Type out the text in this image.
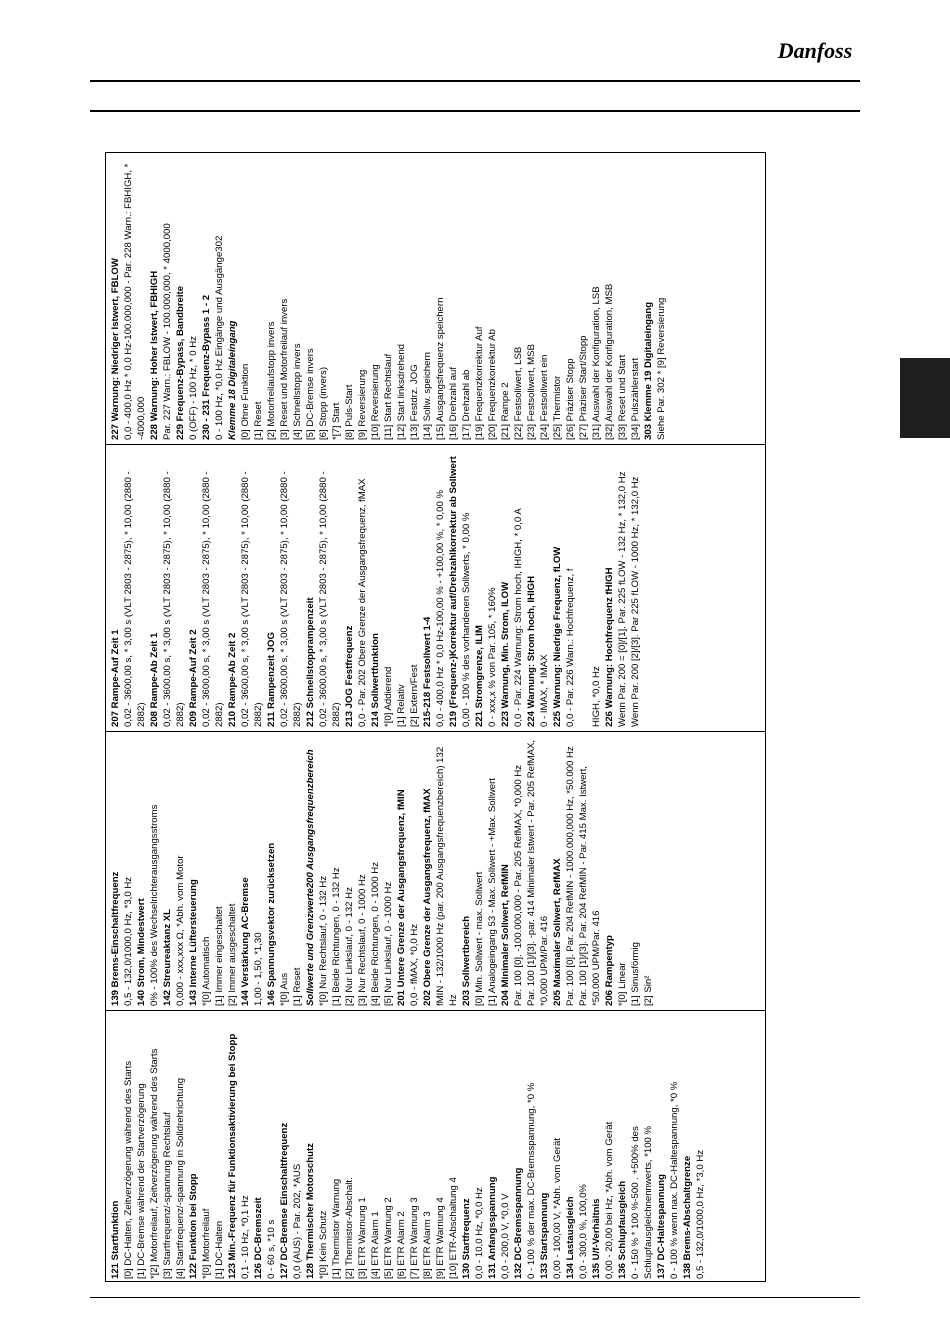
Danfoss
121 Startfunktion [0] DC-Halten, Zeitverzögerung während des Starts [1] DC-Bremse während der Startverzögerung *[2] Motorfreilauf, Zeitverzögerung während des Starts [3] Startfrequenz/-spannung Rechtslauf [4] Startfrequenz/-spannung in Solldrehrichtung 122 Funktion bei Stopp *[0] Motorfreilauf [1] DC-Halten 123 Min.-Frequenz für Funktionsaktivierung bei Stopp 0,1 - 10 Hz, *0,1 Hz 126 DC-Bremszeit 0 - 60 s, *10 s 127 DC-Bremse Einschaltfrequenz 0,0 (AUS) - Par. 202, *AUS 128 Thermischer Motorschutz *[0] Kein Schutz [1] Thermistor Warnung [2] Thermistor-Abschalt. [3] ETR Warnung 1 [4] ETR Alarm 1 [5] ETR Warnung 2 [6] ETR Alarm 2 [7] ETR Warnung 3 [8] ETR Alarm 3 [9] ETR Warnung 4 [10] ETR-Abschaltung 4 130 Startfrequenz 0,0 - 10,0 Hz, *0,0 Hz 131 Anfangsspannung 0,0 - 200,0 V, *0,0 V 132 DC-Bremsspannung 0 - 100 % der max. DC-Bremsspannung, *0 % 133 Startspannung 0,00 - 100,00 V, *Abh. vom Gerät 134 Lastausgleich 0,0 - 300,0 %, 100,0% 135 U/f-Verhältnis 0,00 - 20,00 bei Hz, *Abh. vom Gerät 136 Schlupfausgleich 0 - 150 % * 100 %-500 . +500% des Schlupfausgleichnennwerts, *100 % 137 DC-Haltespannung 0 - 100 % wenn nax. DC-Haltespannung, *0 % 138 Brems-Abschaltgrenze 0,5 - 132,0/1000,0 Hz, *3,0 Hz
139 Brems-Einschaltfrequenz 0,5 - 132,0/1000,0 Hz, *3,0 Hz 140 Strom, Mindestwert 0% - 100% des Wechselrichterausgangsstroms 142 Streureaktanz XL 0,000 - xxx,xxx Ω, *Abh. vom Motor 143 Interne Lüftersteuerung *[0] Automatisch [1] Immer eingeschaltet [2] Immer ausgeschaltet 144 Verstärkung AC-Bremse 1,00 - 1,50, *1,30 146 Spannungsvektor zurücksetzen *[0] Aus [1] Reset Sollwerte und Grenzwerte200 Ausgangsfrequenzbereich *[0] Nur Rechtslauf, 0 - 132 Hz [1] Beide Richtungen, 0 - 132 Hz [2] Nur Linkslauf, 0 - 132 Hz [3] Nur Rechtslauf, 0 - 1000 Hz [4] Beide Richtungen, 0 - 1000 Hz [5] Nur Linkslauf, 0 - 1000 Hz 201 Untere Grenze der Ausgangsfrequenz, fMIN 0,0 - fMAX, *0,0 Hz 202 Obere Grenze der Ausgangsfrequenz, fMAX fMIN - 132/1000 Hz (par. 200 Ausgangsfrequenzbereich) 132 Hz 203 Sollwertbereich [0] Min. Sollwert - max. Sollwert [1] Analogeingang 53 - Max. Sollwert - +Max. Sollwert 204 Minimaler Sollwert, RefMIN Par. 100 [0]. -100.000,000 - Par. 205 RefMAX, *0,000 Hz Par. 100 [1]/[3]. -par. 414 Minimaler Istwert - Par. 205 RefMAX, *0,000 UPM/Par. 416 205 Maximaler Sollwert, RefMAX Par. 100 [0]. Par. 204 RefMIN - 1000.000,000 Hz, *50.000 Hz Par. 100 [1]/[3]. Par. 204 RefMIN - Par. 415 Max. Istwert, *50.000 UPM/Par. 416 206 Rampentyp *[0] Linear [1] Sinusförmig [2] Sin²
207 Rampe-Auf Zeit 1 0,02 - 3600,00 s, * 3,00 s (VLT 2803 - 2875), * 10,00 (2880 - 2882) 208 Rampe-Ab Zeit 1 0,02 - 3600,00 s, * 3,00 s (VLT 2803 - 2875), * 10,00 (2880 - 2882) 209 Rampe-Auf Zeit 2 0,02 - 3600,00 s, * 3,00 s (VLT 2803 - 2875), * 10,00 (2880 - 2882) 210 Rampe-Ab Zeit 2 0,02 - 3600,00 s, * 3,00 s (VLT 2803 - 2875), * 10,00 (2880 - 2882) 211 Rampenzeit JOG 0,02 - 3600,00 s, * 3,00 s (VLT 2803 - 2875), * 10,00 (2880 - 2882) 212 Schnellstopprampenzeit 0,02 - 3600,00 s, * 3,00 s (VLT 2803 - 2875), * 10,00 (2880 - 2882) 213 JOG Festfrequenz 0,0 - Par. 202 Obere Grenze der Ausgangsfrequenz, fMAX 214 Sollwertfunktion *[0] Addierend [1] Relativ [2] Extern/Fest 215-218 Festsollwert 1-4 0,0 - 400,0 Hz * 0,0 Hz-100,00 % - +100,00 %, * 0,00 % 219 (Frequenz-)Korrektur auf/Drehzahlkorrektur ab Sollwert 0,00 - 100 % des vorhandenen Sollwerts, * 0,00 % 221 Stromgrenze, ILIM 0 - xxx,x % von Par. 105, * 160% 223 Warnung, Min. Strom, ILOW 0,0 - Par. 224 Warnung: Strom hoch, IHIGH, * 0,0 A 224 Warnung: Strom hoch, IHIGH 0 - IMAX, * IMAX 225 Warnung: Niedrige Frequenz, fLOW 0,0 - Par. 226 Warn.: Hochfrequenz, f
HIGH, *0,0 Hz 226 Warnung: Hochfrequenz fHIGH Wenn Par. 200 = [0]/[1]. Par. 225 fLOW - 132 Hz, * 132,0 Hz Wenn Par. 200 [2]/[3]. Par 225 fLOW - 1000 Hz, * 132,0 Hz
227 Warnung: Niedriger Istwert, FBLOW 0,0 - 400,0 Hz * 0,0 Hz-100.000,000 - Par. 228 Warn.: FBHIGH, * -4000,000 228 Warnung: Hoher Istwert, FBHIGH Par. 227 Warn.: FBLOW - 100.000,000, * 4000,000 229 Frequenz-Bypass, Bandbreite 0 (OFF) - 100 Hz, * 0 Hz 230 - 231 Frequenz-Bypass 1 - 2 0 - 100 Hz, *0,0 Hz Eingänge und Ausgänge302 Klemme 18 Digitaleingang [0] Ohne Funktion [1] Reset [2] Motorfreilaufstopp invers [3] Reset und Motorfreilauf invers [4] Schnellstopp invers [5] DC-Bremse invers [6] Stopp (invers) *[7] Start [8] Puls-Start [9] Reversierung [10] Reversierung [11] Start Rechtslauf [12] Start linksdrehend [13] Festdrz. JOG [14] Sollw. speichern [15] Ausgangsfrequenz speichern [16] Drehzahl auf [17] Drehzahl ab [19] Frequenzkorrektur Auf [20] Frequenzkorrektur Ab [21] Rampe 2 [22] Festsollwert, LSB [23] Festsollwert, MSB [24] Festsollwert ein [25] Thermistor [26] Präziser Stopp [27] Präziser Start/Stopp [31] Auswahl der Konfiguration, LSB [32] Auswahl der Konfiguration, MSB [33] Reset und Start [34] Pulszählerstart 303 Klemme 19 Digitaleingang Siehe Par. 302 * [9] Reversierung
